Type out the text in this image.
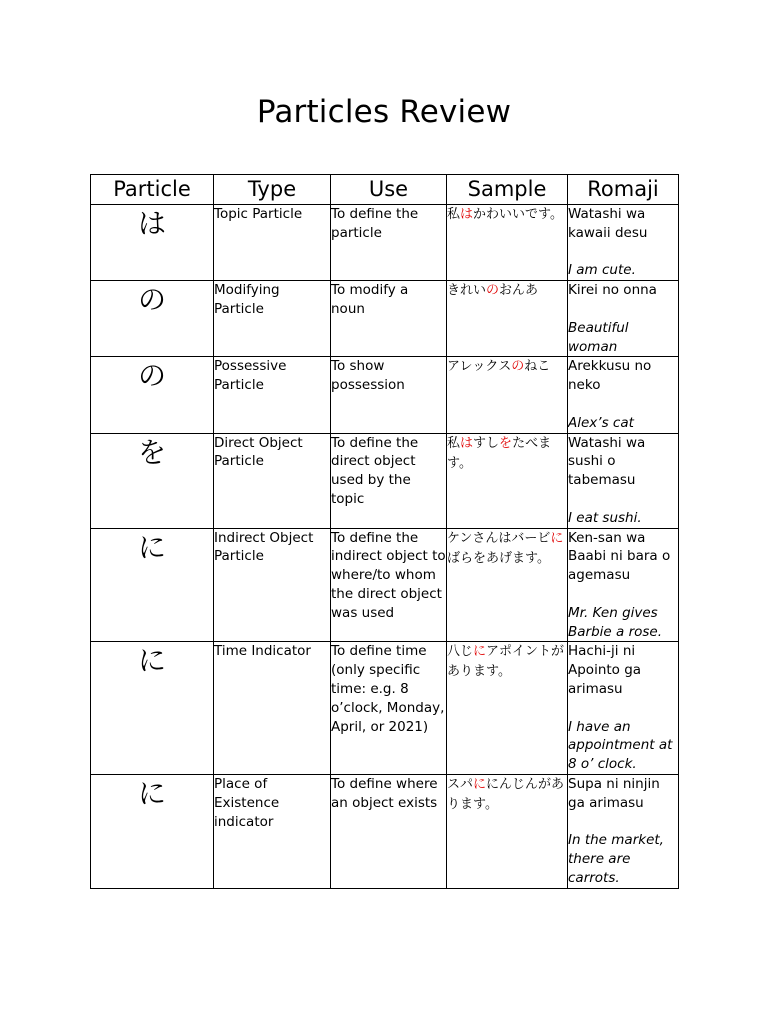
Particles Review
Particle	Type	Use	Sample	Romaji
は	Topic Particle	To define the particle	私はかわいいです。	Watashi wa kawaii desu
I am cute.

の	Modifying Particle	To modify a noun	きれいのおんあ	Kirei no onna
Beautiful woman

の	Possessive Particle	To show possession	アレックスのねこ	Arekkusu no neko
Alex’s cat

を	Direct Object Particle	To define the direct object used by the topic	私はすしをたべます。	Watashi wa sushi o tabemasu
I eat sushi.

に	Indirect Object Particle	To define the indirect object to where/to whom the direct object was used	ケンさんはバービにばらをあげます。	Ken-san wa Baabi ni bara o agemasu
Mr. Ken gives Barbie a rose.

に	Time Indicator	To define time (only specific time: e.g. 8 o’clock, Monday, April, or 2021)	八じにアポイントがあります。	Hachi-ji ni Apointo ga arimasu
I have an appointment at 8 o’ clock.

に	Place of Existence indicator	To define where an object exists	スパににんじんがあります。	Supa ni ninjin ga arimasu
In the market, there are carrots.
